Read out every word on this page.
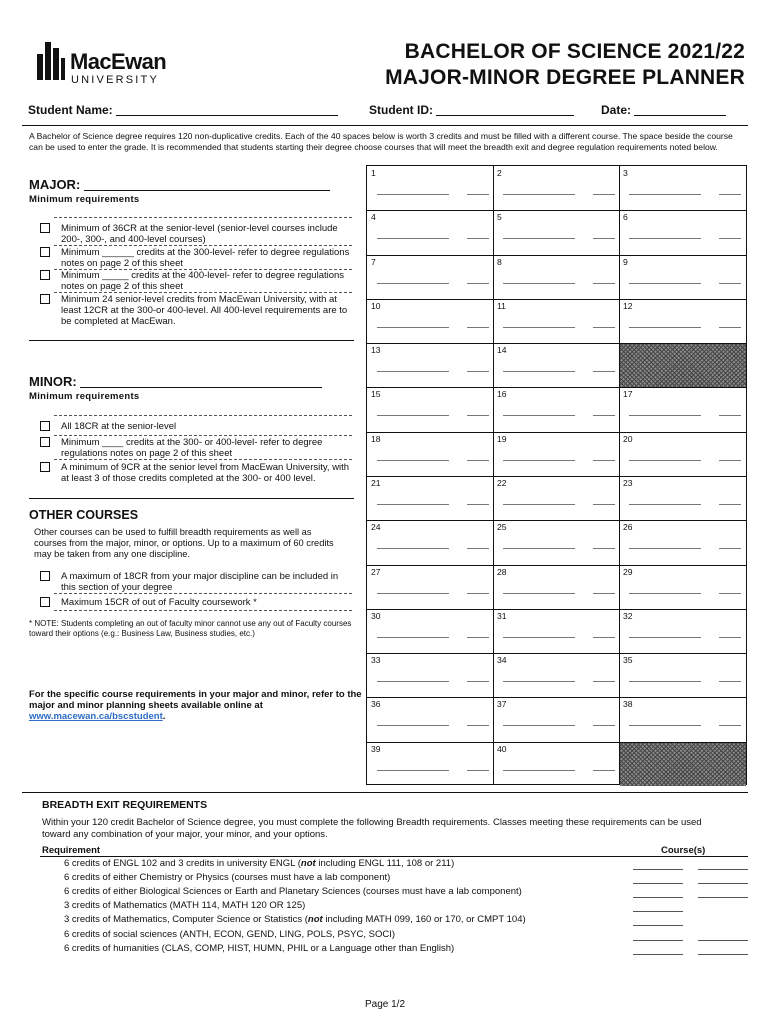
MacEwan
UNIVERSITY
BACHELOR OF SCIENCE 2021/22
MAJOR-MINOR DEGREE PLANNER
Student Name:	Student ID:	Date:
A Bachelor of Science degree requires 120 non-duplicative credits. Each of the 40 spaces below is worth 3 credits and must be filled with a different course. The space beside the course can be used to enter the grade. It is recommended that students starting their degree choose courses that will meet the breadth exit and degree regulation requirements noted below.
MAJOR:
Minimum requirements
Minimum of 36CR at the senior-level (senior-level courses include 200-, 300-, and 400-level courses)
Minimum ______ credits at the 300-level- refer to degree regulations notes on page 2 of this sheet
Minimum _____ credits at the 400-level- refer to degree regulations notes on page 2 of this sheet
Minimum 24 senior-level credits from MacEwan University, with at least 12CR at the 300-or 400-level. All 400-level requirements are to be completed at MacEwan.
MINOR:
Minimum requirements
All 18CR at the senior-level
Minimum ____ credits at the 300- or 400-level- refer to degree regulations notes on page 2 of this sheet
A minimum of 9CR at the senior level from MacEwan University, with at least 3 of those credits completed at the 300- or 400 level.
OTHER COURSES
Other courses can be used to fulfill breadth requirements as well as courses from the major, minor, or options. Up to a maximum of 60 credits may be taken from any one discipline.
A maximum of 18CR from your major discipline can be included in this section of your degree
Maximum 15CR of out of Faculty coursework *
* NOTE: Students completing an out of faculty minor cannot use any out of Faculty courses toward their options (e.g.: Business Law, Business studies, etc.)
For the specific course requirements in your major and minor, refer to the major and minor planning sheets available online at www.macewan.ca/bscstudent.
1	2	3
4	5	6
7	8	9
10	11	12
13	14
15	16	17
18	19	20
21	22	23
24	25	26
27	28	29
30	31	32
33	34	35
36	37	38
39	40
BREADTH EXIT REQUIREMENTS
Within your 120 credit Bachelor of Science degree, you must complete the following Breadth requirements. Classes meeting these requirements can be used toward any combination of your major, your minor, and your options.
Requirement	Course(s)
6 credits of ENGL 102 and 3 credits in university ENGL (not including ENGL 111, 108 or 211)
6 credits of either Chemistry or Physics (courses must have a lab component)
6 credits of either Biological Sciences or Earth and Planetary Sciences (courses must have a lab component)
3 credits of Mathematics (MATH 114, MATH 120 OR 125)
3 credits of Mathematics, Computer Science or Statistics (not including MATH 099, 160 or 170, or CMPT 104)
6 credits of social sciences (ANTH, ECON, GEND, LING, POLS, PSYC, SOCI)
6 credits of humanities (CLAS, COMP, HIST, HUMN, PHIL or a Language other than English)
Page 1/2
